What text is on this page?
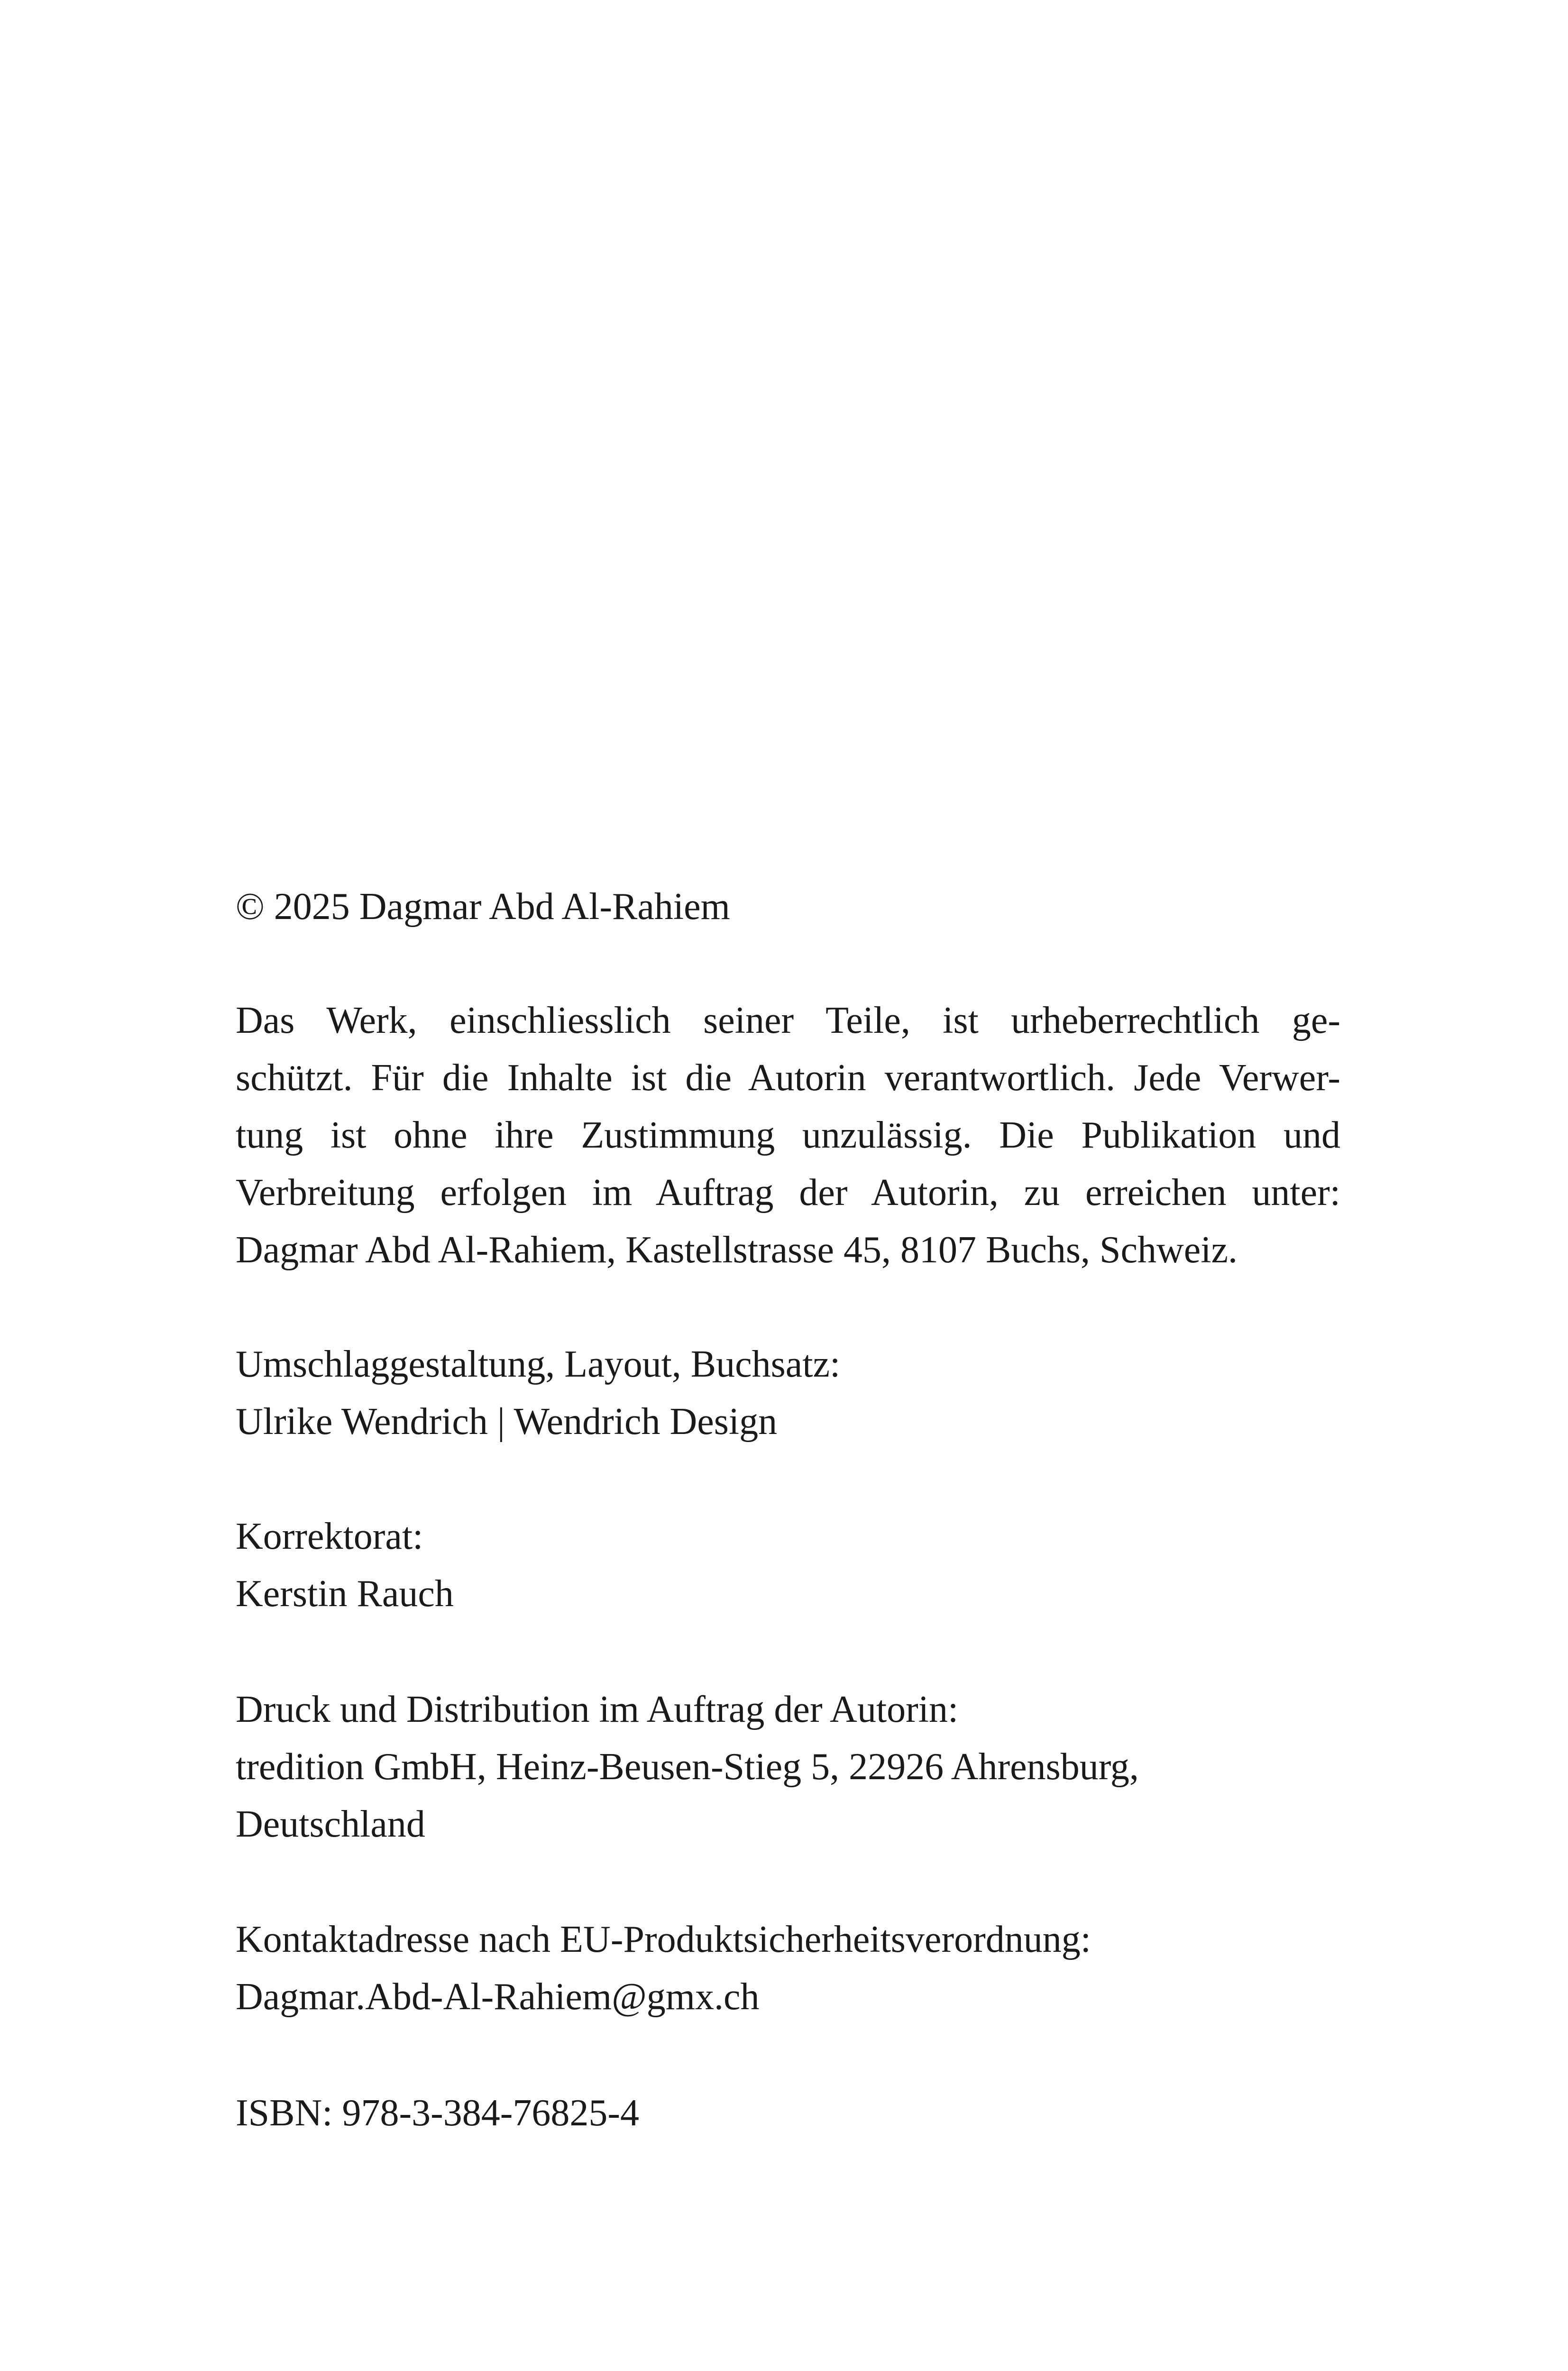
© 2025 Dagmar Abd Al-Rahiem
Das Werk, einschliesslich seiner Teile, ist urheberrechtlich ge-
schützt. Für die Inhalte ist die Autorin verantwortlich. Jede Verwer-
tung ist ohne ihre Zustimmung unzulässig. Die Publikation und
Verbreitung erfolgen im Auftrag der Autorin, zu erreichen unter:
Dagmar Abd Al-Rahiem, Kastellstrasse 45, 8107 Buchs, Schweiz.
Umschlaggestaltung, Layout, Buchsatz:
Ulrike Wendrich | Wendrich Design
Korrektorat:
Kerstin Rauch
Druck und Distribution im Auftrag der Autorin:
tredition GmbH, Heinz-Beusen-Stieg 5, 22926 Ahrensburg,
Deutschland
Kontaktadresse nach EU-Produktsicherheitsverordnung:
Dagmar.Abd-Al-Rahiem@gmx.ch
ISBN: 978-3-384-76825-4
